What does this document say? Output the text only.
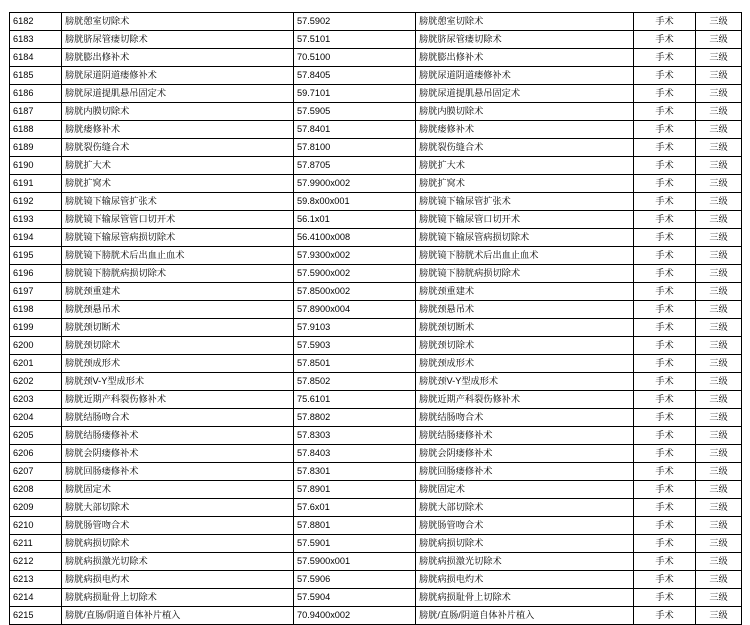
6182	膀胱憩室切除术	57.5902	膀胱憩室切除术	手术	三级
6183	膀胱脐尿管瘘切除术	57.5101	膀胱脐尿管瘘切除术	手术	三级
6184	膀胱膨出修补术	70.5100	膀胱膨出修补术	手术	三级
6185	膀胱尿道阴道瘘修补术	57.8405	膀胱尿道阴道瘘修补术	手术	三级
6186	膀胱尿道提肌悬吊固定术	59.7101	膀胱尿道提肌悬吊固定术	手术	三级
6187	膀胱内膜切除术	57.5905	膀胱内膜切除术	手术	三级
6188	膀胱瘘修补术	57.8401	膀胱瘘修补术	手术	三级
6189	膀胱裂伤缝合术	57.8100	膀胱裂伤缝合术	手术	三级
6190	膀胱扩大术	57.8705	膀胱扩大术	手术	三级
6191	膀胱扩窝术	57.9900x002	膀胱扩窝术	手术	三级
6192	膀胱镜下输尿管扩张术	59.8x00x001	膀胱镜下输尿管扩张术	手术	三级
6193	膀胱镜下输尿管管口切开术	56.1x01	膀胱镜下输尿管口切开术	手术	三级
6194	膀胱镜下输尿管病损切除术	56.4100x008	膀胱镜下输尿管病损切除术	手术	三级
6195	膀胱镜下膀胱术后出血止血术	57.9300x002	膀胱镜下膀胱术后出血止血术	手术	三级
6196	膀胱镜下膀胱病损切除术	57.5900x002	膀胱镜下膀胱病损切除术	手术	三级
6197	膀胱颈重建术	57.8500x002	膀胱颈重建术	手术	三级
6198	膀胱颈悬吊术	57.8900x004	膀胱颈悬吊术	手术	三级
6199	膀胱颈切断术	57.9103	膀胱颈切断术	手术	三级
6200	膀胱颈切除术	57.5903	膀胱颈切除术	手术	三级
6201	膀胱颈成形术	57.8501	膀胱颈成形术	手术	三级
6202	膀胱颈V-Y型成形术	57.8502	膀胱颈V-Y型成形术	手术	三级
6203	膀胱近期产科裂伤修补术	75.6101	膀胱近期产科裂伤修补术	手术	三级
6204	膀胱结肠吻合术	57.8802	膀胱结肠吻合术	手术	三级
6205	膀胱结肠瘘修补术	57.8303	膀胱结肠瘘修补术	手术	三级
6206	膀胱会阴瘘修补术	57.8403	膀胱会阴瘘修补术	手术	三级
6207	膀胱回肠瘘修补术	57.8301	膀胱回肠瘘修补术	手术	三级
6208	膀胱固定术	57.8901	膀胱固定术	手术	三级
6209	膀胱大部切除术	57.6x01	膀胱大部切除术	手术	三级
6210	膀胱肠管吻合术	57.8801	膀胱肠管吻合术	手术	三级
6211	膀胱病损切除术	57.5901	膀胱病损切除术	手术	三级
6212	膀胱病损激光切除术	57.5900x001	膀胱病损激光切除术	手术	三级
6213	膀胱病损电灼术	57.5906	膀胱病损电灼术	手术	三级
6214	膀胱病损耻骨上切除术	57.5904	膀胱病损耻骨上切除术	手术	三级
6215	膀胱/直肠/阴道自体补片植入	70.9400x002	膀胱/直肠/阴道自体补片植入	手术	三级
